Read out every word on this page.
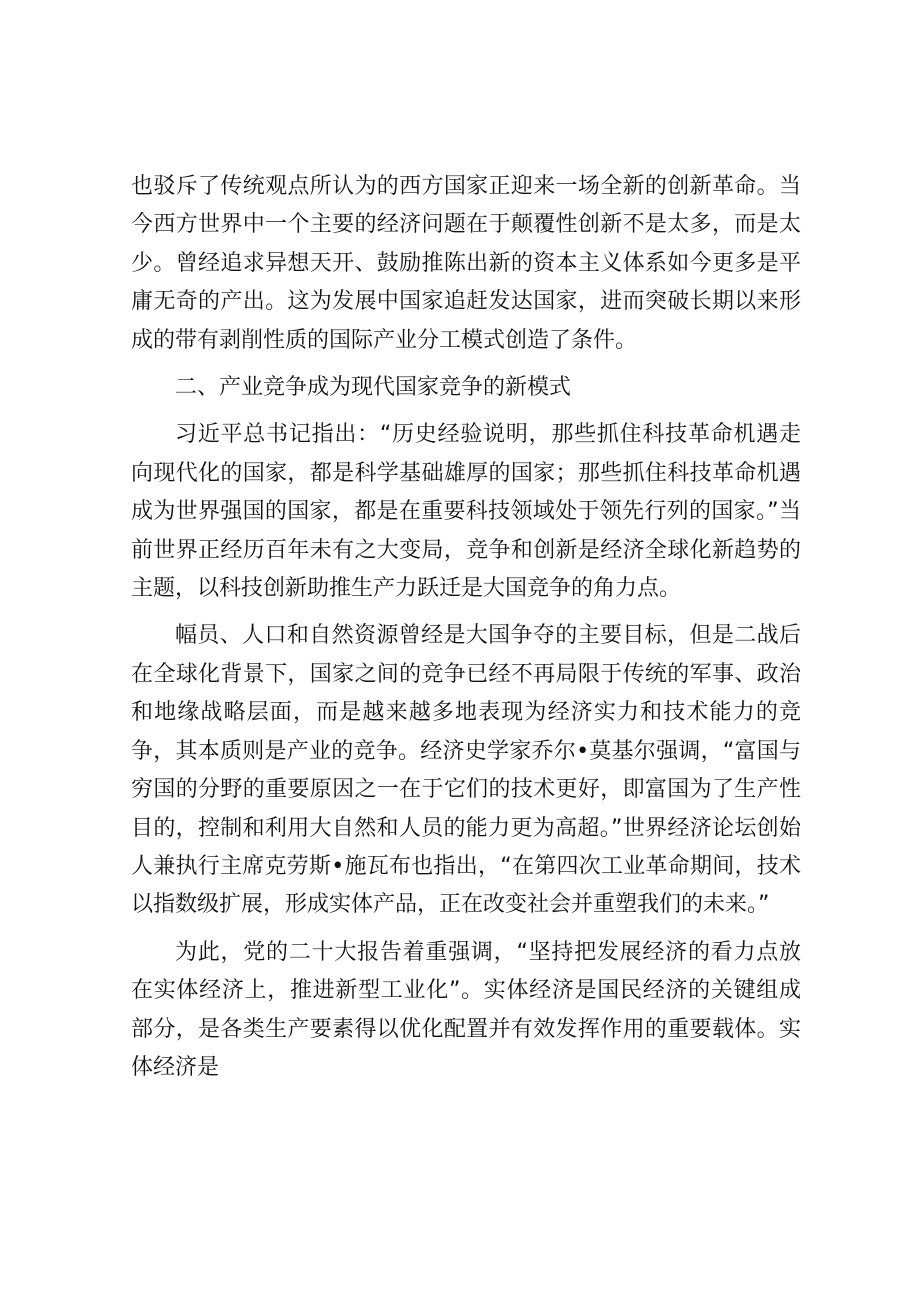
也驳斥了传统观点所认为的西方国家正迎来一场全新的创新革命。当今西方世界中一个主要的经济问题在于颠覆性创新不是太多，而是太少。曾经追求异想天开、鼓励推陈出新的资本主义体系如今更多是平庸无奇的产出。这为发展中国家追赶发达国家，进而突破长期以来形成的带有剥削性质的国际产业分工模式创造了条件。

二、产业竞争成为现代国家竞争的新模式

习近平总书记指出：“历史经验说明，那些抓住科技革命机遇走向现代化的国家，都是科学基础雄厚的国家；那些抓住科技革命机遇成为世界强国的国家，都是在重要科技领域处于领先行列的国家。”当前世界正经历百年未有之大变局，竞争和创新是经济全球化新趋势的主题，以科技创新助推生产力跃迁是大国竞争的角力点。

幅员、人口和自然资源曾经是大国争夺的主要目标，但是二战后在全球化背景下，国家之间的竞争已经不再局限于传统的军事、政治和地缘战略层面，而是越来越多地表现为经济实力和技术能力的竞争，其本质则是产业的竞争。经济史学家乔尔•莫基尔强调，“富国与穷国的分野的重要原因之一在于它们的技术更好，即富国为了生产性目的，控制和利用大自然和人员的能力更为高超。”世界经济论坛创始人兼执行主席克劳斯•施瓦布也指出，“在第四次工业革命期间，技术以指数级扩展，形成实体产品，正在改变社会并重塑我们的未来。”

为此，党的二十大报告着重强调，“坚持把发展经济的看力点放在实体经济上，推进新型工业化”。实体经济是国民经济的关键组成部分，是各类生产要素得以优化配置并有效发挥作用的重要载体。实体经济是
